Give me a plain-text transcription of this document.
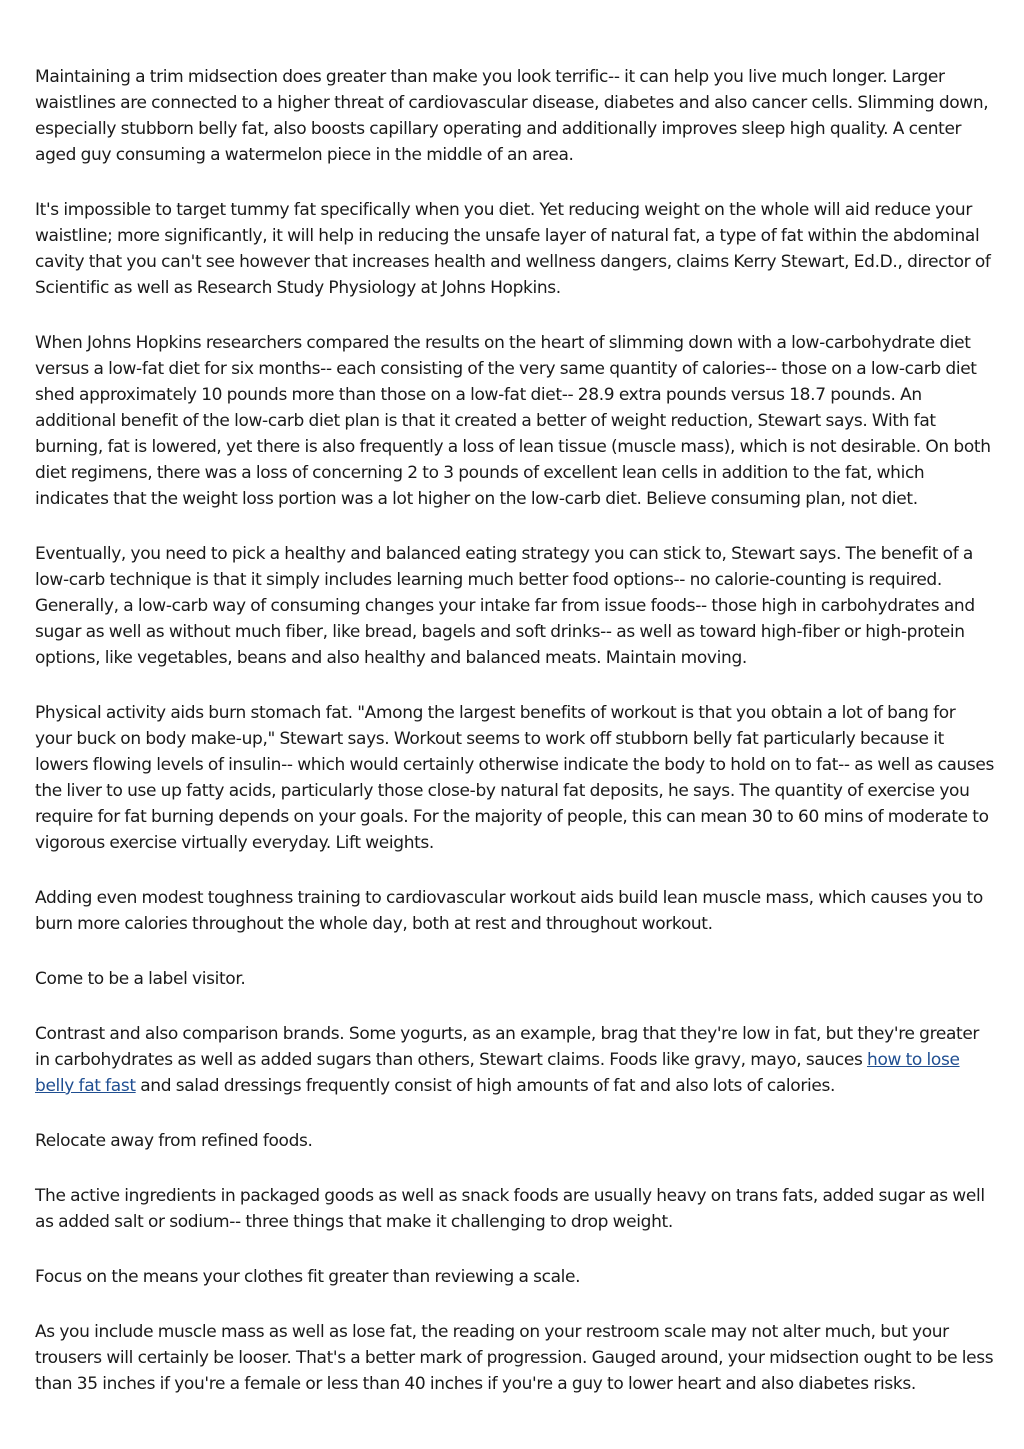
Maintaining a trim midsection does greater than make you look terrific-- it can help you live much longer. Larger waistlines are connected to a higher threat of cardiovascular disease, diabetes and also cancer cells. Slimming down, especially stubborn belly fat, also boosts capillary operating and additionally improves sleep high quality. A center aged guy consuming a watermelon piece in the middle of an area.

It's impossible to target tummy fat specifically when you diet. Yet reducing weight on the whole will aid reduce your waistline; more significantly, it will help in reducing the unsafe layer of natural fat, a type of fat within the abdominal cavity that you can't see however that increases health and wellness dangers, claims Kerry Stewart, Ed.D., director of Scientific as well as Research Study Physiology at Johns Hopkins.

When Johns Hopkins researchers compared the results on the heart of slimming down with a low-carbohydrate diet versus a low-fat diet for six months-- each consisting of the very same quantity of calories-- those on a low-carb diet shed approximately 10 pounds more than those on a low-fat diet-- 28.9 extra pounds versus 18.7 pounds. An additional benefit of the low-carb diet plan is that it created a better of weight reduction, Stewart says. With fat burning, fat is lowered, yet there is also frequently a loss of lean tissue (muscle mass), which is not desirable. On both diet regimens, there was a loss of concerning 2 to 3 pounds of excellent lean cells in addition to the fat, which indicates that the weight loss portion was a lot higher on the low-carb diet. Believe consuming plan, not diet.

Eventually, you need to pick a healthy and balanced eating strategy you can stick to, Stewart says. The benefit of a low-carb technique is that it simply includes learning much better food options-- no calorie-counting is required. Generally, a low-carb way of consuming changes your intake far from issue foods-- those high in carbohydrates and sugar as well as without much fiber, like bread, bagels and soft drinks-- as well as toward high-fiber or high-protein options, like vegetables, beans and also healthy and balanced meats. Maintain moving.

Physical activity aids burn stomach fat. "Among the largest benefits of workout is that you obtain a lot of bang for your buck on body make-up," Stewart says. Workout seems to work off stubborn belly fat particularly because it lowers flowing levels of insulin-- which would certainly otherwise indicate the body to hold on to fat-- as well as causes the liver to use up fatty acids, particularly those close-by natural fat deposits, he says. The quantity of exercise you require for fat burning depends on your goals. For the majority of people, this can mean 30 to 60 mins of moderate to vigorous exercise virtually everyday. Lift weights.

Adding even modest toughness training to cardiovascular workout aids build lean muscle mass, which causes you to burn more calories throughout the whole day, both at rest and throughout workout.

Come to be a label visitor.

Contrast and also comparison brands. Some yogurts, as an example, brag that they're low in fat, but they're greater in carbohydrates as well as added sugars than others, Stewart claims. Foods like gravy, mayo, sauces how to lose belly fat fast and salad dressings frequently consist of high amounts of fat and also lots of calories.

Relocate away from refined foods.

The active ingredients in packaged goods as well as snack foods are usually heavy on trans fats, added sugar as well as added salt or sodium-- three things that make it challenging to drop weight.

Focus on the means your clothes fit greater than reviewing a scale.

As you include muscle mass as well as lose fat, the reading on your restroom scale may not alter much, but your trousers will certainly be looser. That's a better mark of progression. Gauged around, your midsection ought to be less than 35 inches if you're a female or less than 40 inches if you're a guy to lower heart and also diabetes risks.
